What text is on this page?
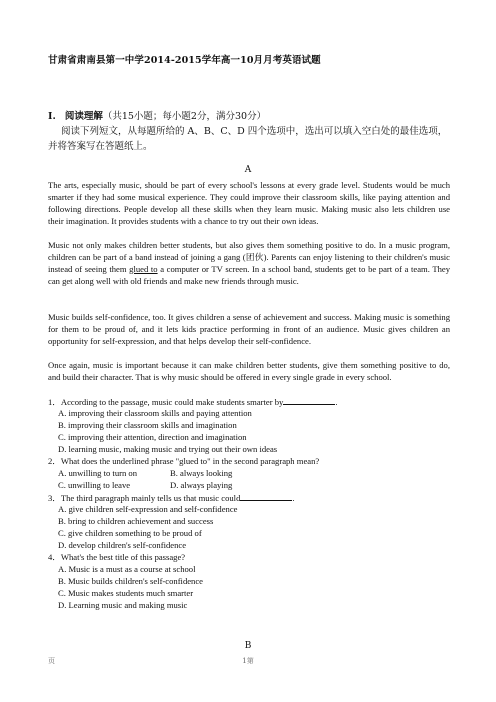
甘肃省肃南县第一中学2014-2015学年高一10月月考英语试题
I. 阅读理解（共15小题；每小题2分，满分30分）
阅读下列短文，从每题所给的 A、B、C、D 四个选项中，选出可以填入空白处的最佳选项，并将答案写在答题纸上。
A
The arts, especially music, should be part of every school's lessons at every grade level. Students would be much smarter if they had some musical experience. They could improve their classroom skills, like paying attention and following directions. People develop all these skills when they learn music. Making music also lets children use their imagination. It provides students with a chance to try out their own ideas.
Music not only makes children better students, but also gives them something positive to do. In a music program, children can be part of a band instead of joining a gang (团伙). Parents can enjoy listening to their children's music instead of seeing them glued to a computer or TV screen. In a school band, students get to be part of a team. They can get along well with old friends and make new friends through music.
Music builds self-confidence, too. It gives children a sense of achievement and success. Making music is something for them to be proud of, and it lets kids practice performing in front of an audience. Music gives children an opportunity for self-expression, and that helps develop their self-confidence.
Once again, music is important because it can make children better students, give them something positive to do, and build their character. That is why music should be offered in every single grade in every school.
1．According to the passage, music could make students smarter by	.
A. improving their classroom skills and paying attention
B. improving their classroom skills and imagination
C. improving their attention, direction and imagination
D. learning music, making music and trying out their own ideas
2．What does the underlined phrase "glued to" in the second paragraph mean?
A. unwilling to turn on	B. always looking
C. unwilling to leave	D. always playing
3．The third paragraph mainly tells us that music could	.
A. give children self-expression and self-confidence
B. bring to children achievement and success
C. give children something to be proud of
D. develop children's self-confidence
4．What's the best title of this passage?
A. Music is a must as a course at school
B. Music builds children's self-confidence
C. Music makes students much smarter
D. Learning music and making music
B
页	1第
